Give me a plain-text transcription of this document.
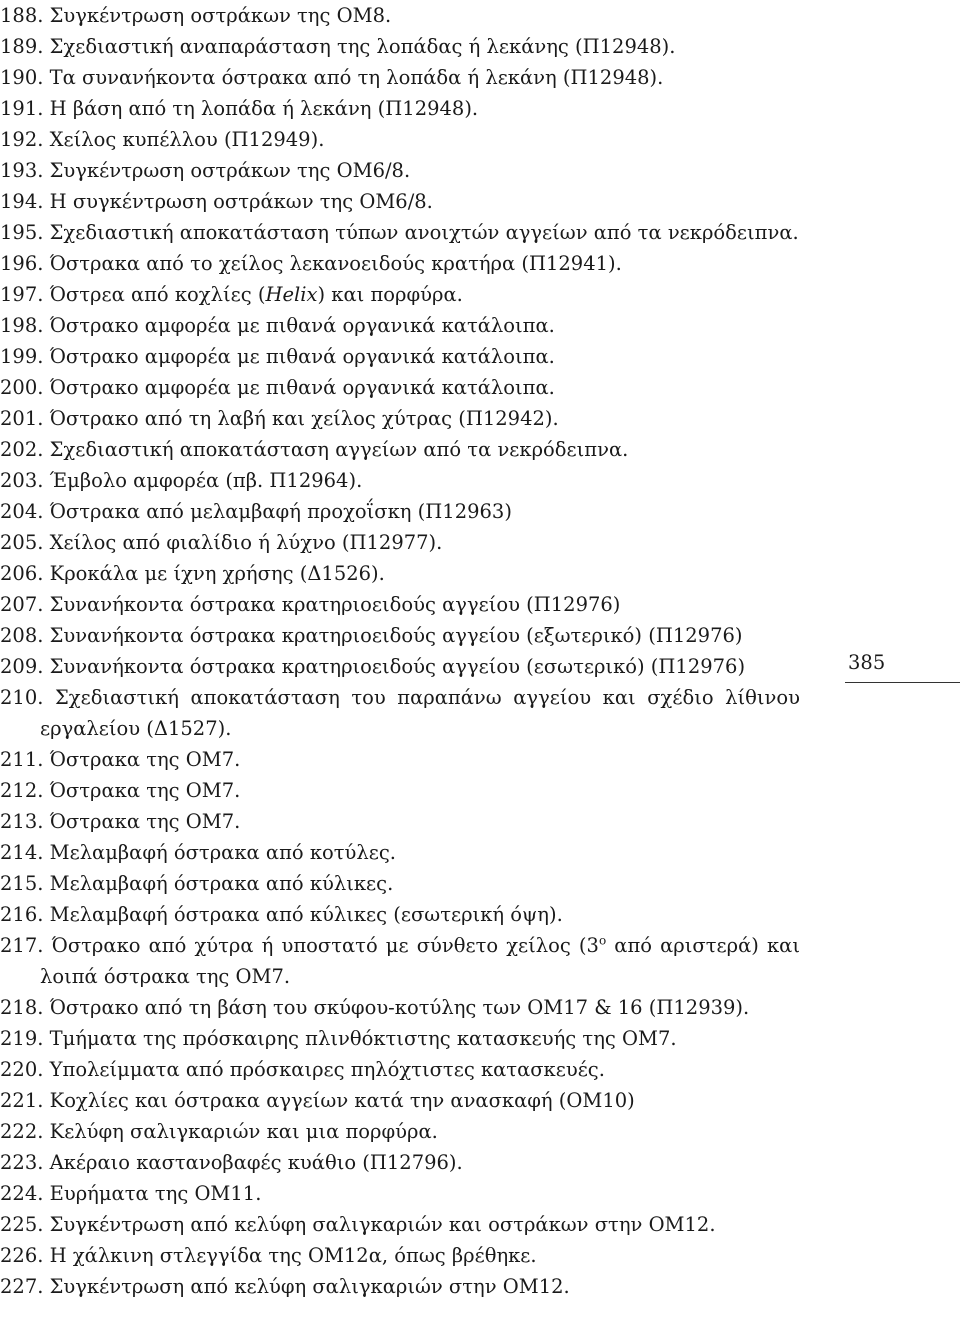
188. Συγκέντρωση οστράκων της ΟΜ8.
189. Σχεδιαστική αναπαράσταση της λοπάδας ή λεκάνης (Π12948).
190. Τα συνανήκοντα όστρακα από τη λοπάδα ή λεκάνη (Π12948).
191. Η βάση από τη λοπάδα ή λεκάνη (Π12948).
192. Χείλος κυπέλλου (Π12949).
193. Συγκέντρωση οστράκων της ΟΜ6/8.
194. Η συγκέντρωση οστράκων της ΟΜ6/8.
195. Σχεδιαστική αποκατάσταση τύπων ανοιχτών αγγείων από τα νεκρόδειπνα.
196. Όστρακα από το χείλος λεκανοειδούς κρατήρα (Π12941).
197. Όστρεα από κοχλίες (Helix) και πορφύρα.
198. Όστρακο αμφορέα με πιθανά οργανικά κατάλοιπα.
199. Όστρακο αμφορέα με πιθανά οργανικά κατάλοιπα.
200. Όστρακο αμφορέα με πιθανά οργανικά κατάλοιπα.
201. Όστρακο από τη λαβή και χείλος χύτρας (Π12942).
202. Σχεδιαστική αποκατάσταση αγγείων από τα νεκρόδειπνα.
203. Έμβολο αμφορέα (πβ. Π12964).
204. Όστρακα από μελαμβαφή προχοΐσκη (Π12963)
205. Χείλος από φιαλίδιο ή λύχνο (Π12977).
206. Κροκάλα με ίχνη χρήσης (Δ1526).
207. Συνανήκοντα όστρακα κρατηριοειδούς αγγείου (Π12976)
208. Συνανήκοντα όστρακα κρατηριοειδούς αγγείου (εξωτερικό) (Π12976)
209. Συνανήκοντα όστρακα κρατηριοειδούς αγγείου (εσωτερικό) (Π12976)
210. Σχεδιαστική αποκατάσταση του παραπάνω αγγείου και σχέδιο λίθινου εργαλείου (Δ1527).
211. Όστρακα της ΟΜ7.
212. Όστρακα της ΟΜ7.
213. Όστρακα της ΟΜ7.
214. Μελαμβαφή όστρακα από κοτύλες.
215. Μελαμβαφή όστρακα από κύλικες.
216. Μελαμβαφή όστρακα από κύλικες (εσωτερική όψη).
217. Όστρακο από χύτρα ή υποστατό με σύνθετο χείλος ($3^o$ από αριστερά) και λοιπά όστρακα της ΟΜ7.
218. Όστρακο από τη βάση του σκύφου-κοτύλης των ΟΜ17 & 16 (Π12939).
219. Τμήματα της πρόσκαιρης πλινθόκτιστης κατασκευής της ΟΜ7.
220. Υπολείμματα από πρόσκαιρες πηλόχτιστες κατασκευές.
221. Κοχλίες και όστρακα αγγείων κατά την ανασκαφή (ΟΜ10)
222. Κελύφη σαλιγκαριών και μια πορφύρα.
223. Ακέραιο καστανοβαφές κυάθιο (Π12796).
224. Ευρήματα της ΟΜ11.
225. Συγκέντρωση από κελύφη σαλιγκαριών και οστράκων στην ΟΜ12.
226. Η χάλκινη στλεγγίδα της ΟΜ12α, όπως βρέθηκε.
227. Συγκέντρωση από κελύφη σαλιγκαριών στην ΟΜ12.
385
